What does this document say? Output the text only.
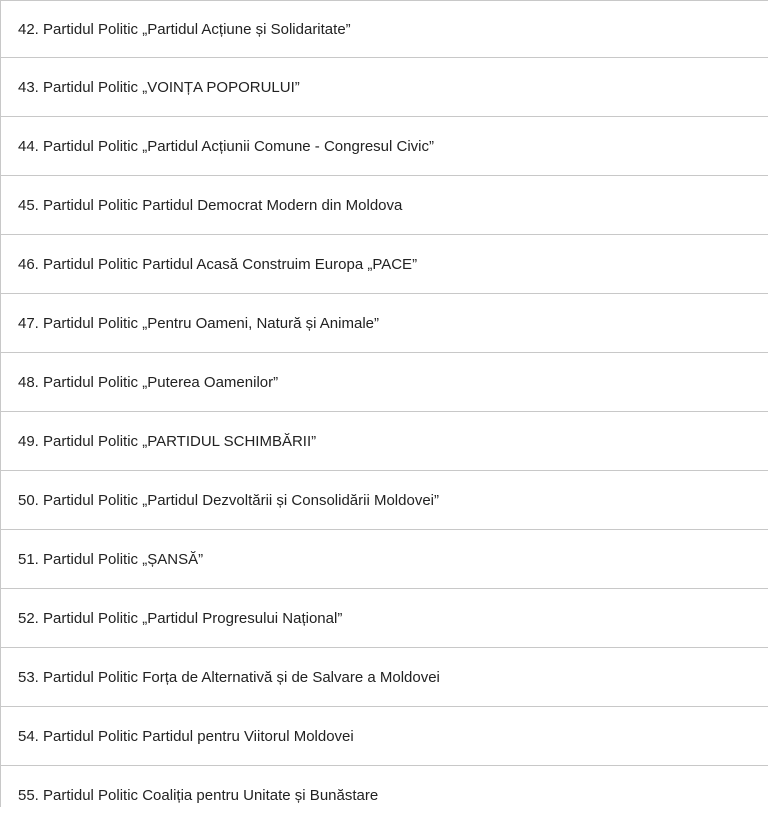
42. Partidul Politic „Partidul Acțiune și Solidaritate”
43. Partidul Politic „VOINȚA POPORULUI”
44. Partidul Politic „Partidul Acțiunii Comune - Congresul Civic”
45. Partidul Politic Partidul Democrat Modern din Moldova
46. Partidul Politic Partidul Acasă Construim Europa „PACE”
47. Partidul Politic „Pentru Oameni, Natură și Animale”
48. Partidul Politic „Puterea Oamenilor”
49. Partidul Politic „PARTIDUL SCHIMBĂRII”
50. Partidul Politic „Partidul Dezvoltării și Consolidării Moldovei”
51. Partidul Politic „ȘANSĂ”
52. Partidul Politic „Partidul Progresului Național”
53. Partidul Politic Forța de Alternativă și de Salvare a Moldovei
54. Partidul Politic Partidul pentru Viitorul Moldovei
55. Partidul Politic Coaliția pentru Unitate și Bunăstare
